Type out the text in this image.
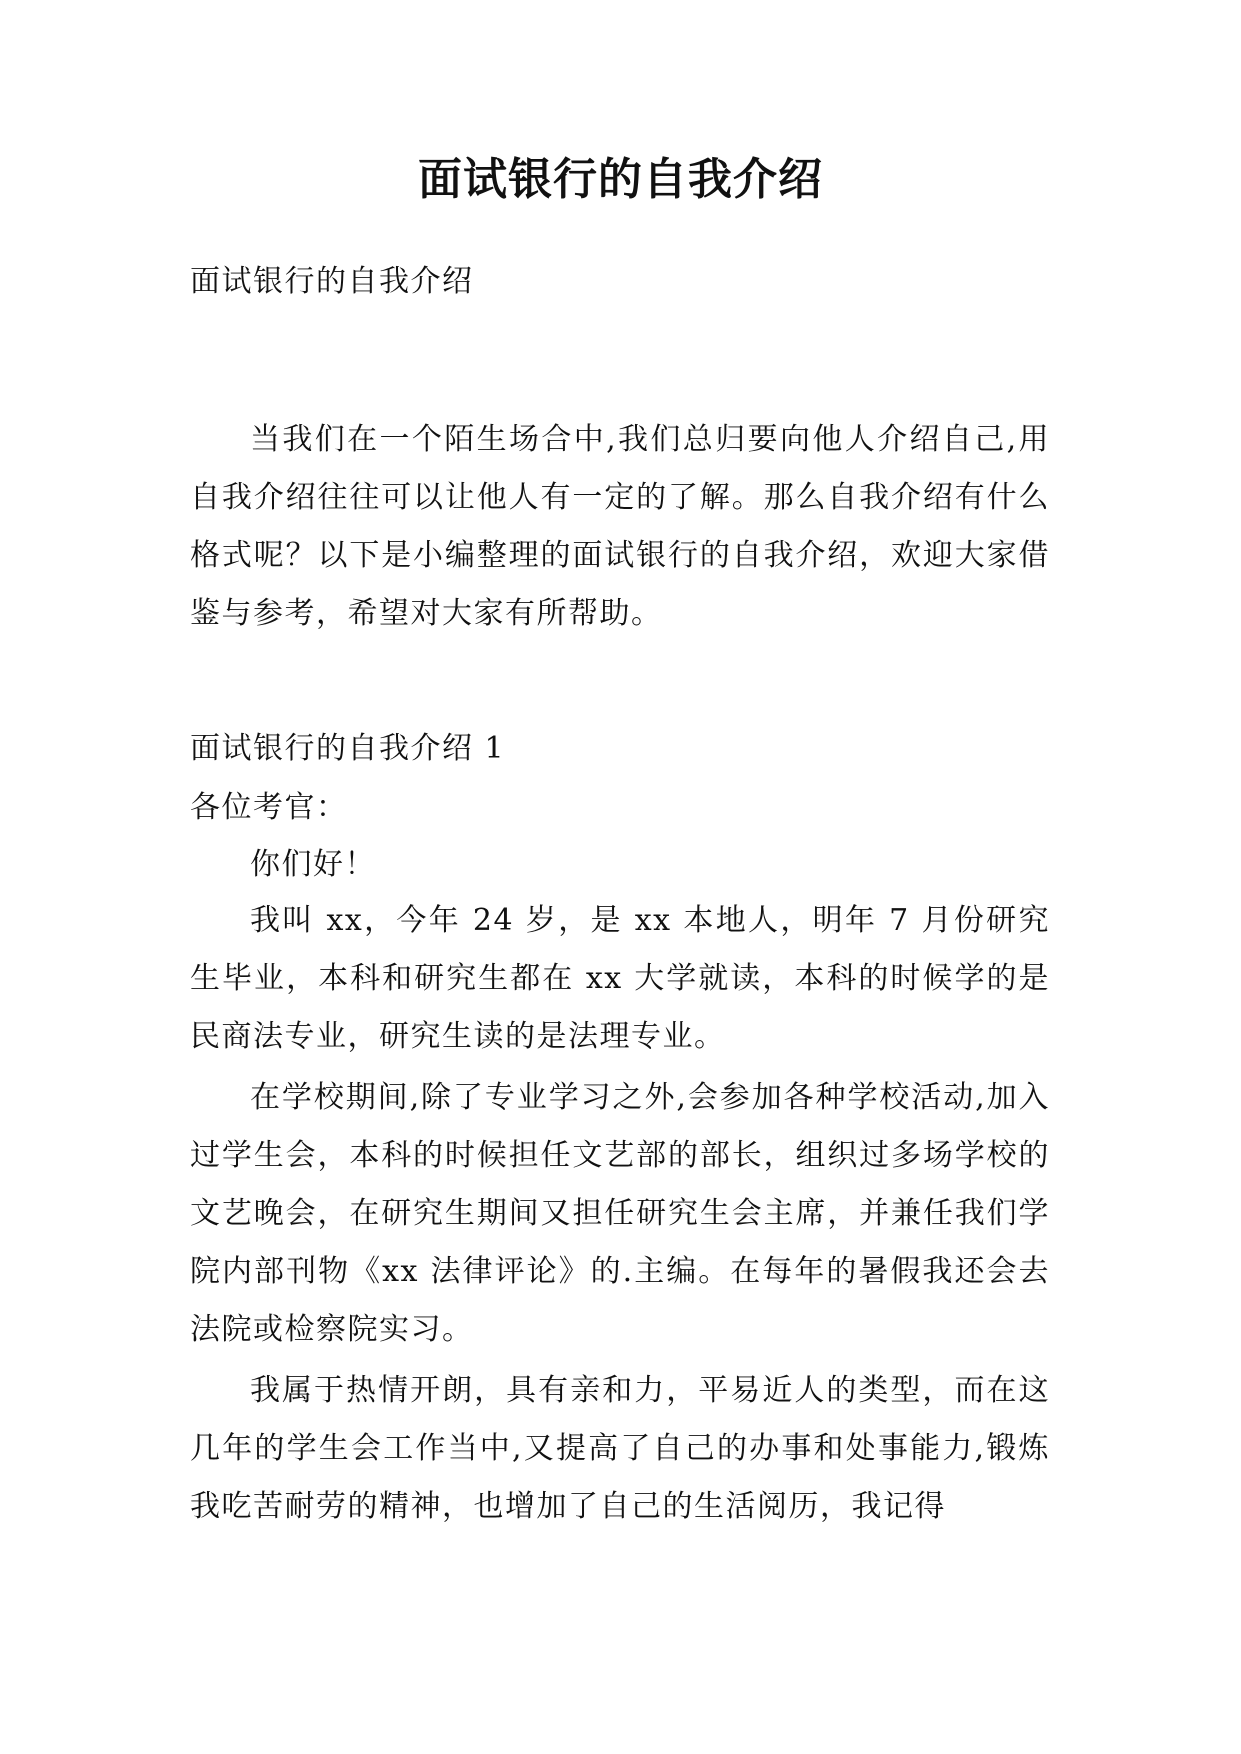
面试银行的自我介绍
面试银行的自我介绍
当我们在一个陌生场合中,我们总归要向他人介绍自己,用自我介绍往往可以让他人有一定的了解。那么自我介绍有什么格式呢？以下是小编整理的面试银行的自我介绍，欢迎大家借鉴与参考，希望对大家有所帮助。
面试银行的自我介绍 1
各位考官：
你们好！
我叫 xx，今年 24 岁，是 xx 本地人，明年 7 月份研究生毕业，本科和研究生都在 xx 大学就读，本科的时候学的是民商法专业，研究生读的是法理专业。
在学校期间,除了专业学习之外,会参加各种学校活动,加入过学生会，本科的时候担任文艺部的部长，组织过多场学校的文艺晚会，在研究生期间又担任研究生会主席，并兼任我们学院内部刊物《xx 法律评论》的.主编。在每年的暑假我还会去法院或检察院实习。
我属于热情开朗，具有亲和力，平易近人的类型，而在这几年的学生会工作当中,又提高了自己的办事和处事能力,锻炼我吃苦耐劳的精神，也增加了自己的生活阅历，我记得
